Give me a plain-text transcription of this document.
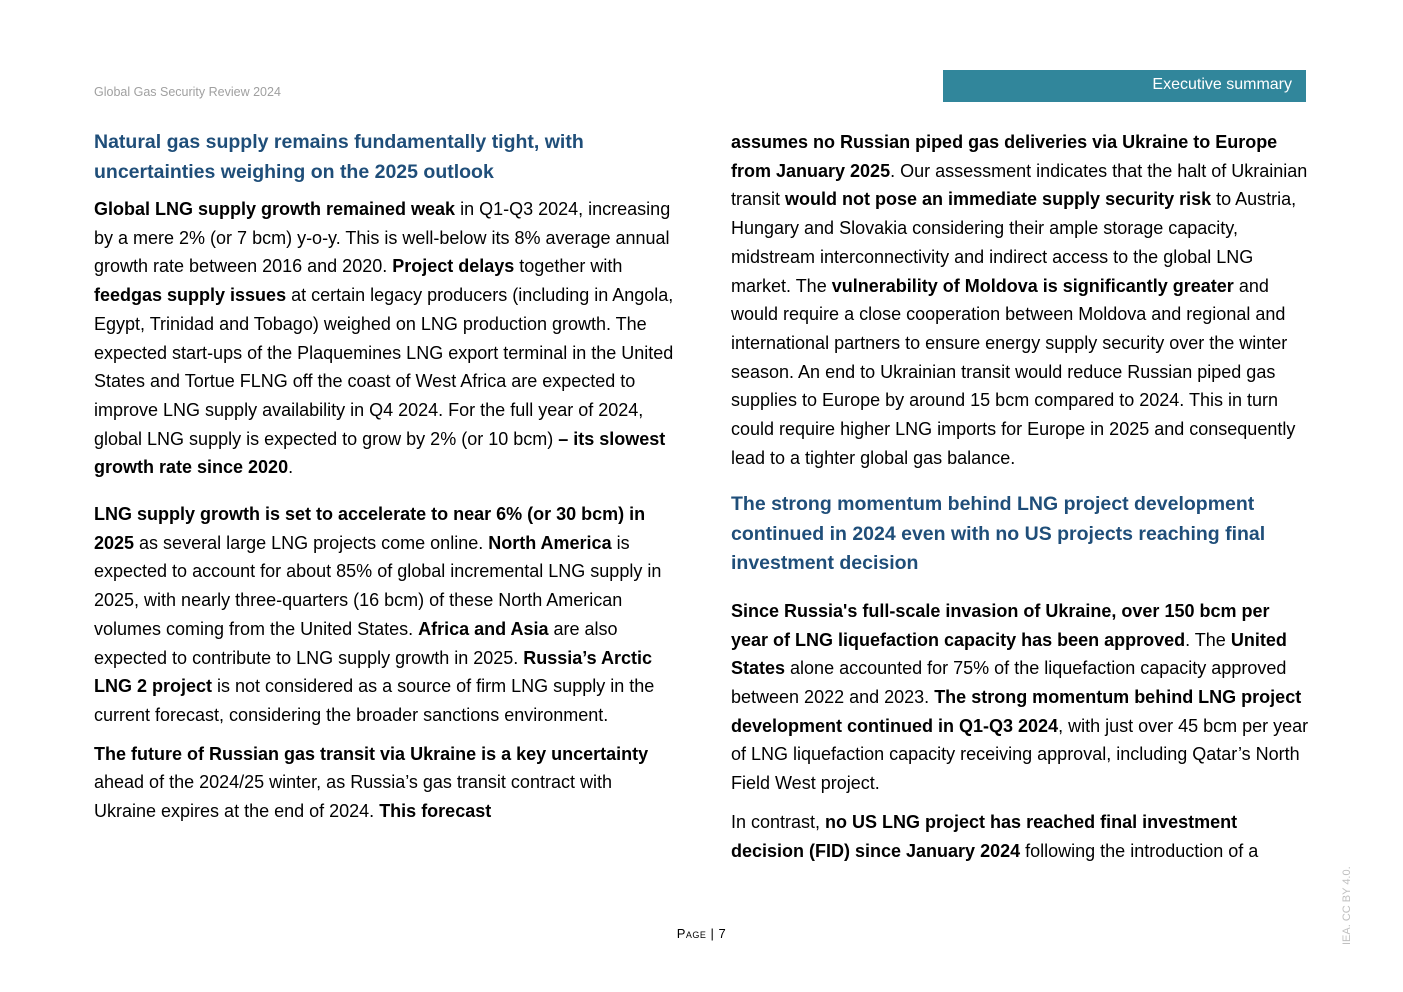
Global Gas Security Review 2024	Executive summary
Natural gas supply remains fundamentally tight, with uncertainties weighing on the 2025 outlook

Global LNG supply growth remained weak in Q1-Q3 2024, increasing by a mere 2% (or 7 bcm) y-o-y. This is well-below its 8% average annual growth rate between 2016 and 2020. Project delays together with feedgas supply issues at certain legacy producers (including in Angola, Egypt, Trinidad and Tobago) weighed on LNG production growth. The expected start-ups of the Plaquemines LNG export terminal in the United States and Tortue FLNG off the coast of West Africa are expected to improve LNG supply availability in Q4 2024. For the full year of 2024, global LNG supply is expected to grow by 2% (or 10 bcm) – its slowest growth rate since 2020.

LNG supply growth is set to accelerate to near 6% (or 30 bcm) in 2025 as several large LNG projects come online. North America is expected to account for about 85% of global incremental LNG supply in 2025, with nearly three-quarters (16 bcm) of these North American volumes coming from the United States. Africa and Asia are also expected to contribute to LNG supply growth in 2025. Russia’s Arctic LNG 2 project is not considered as a source of firm LNG supply in the current forecast, considering the broader sanctions environment.

The future of Russian gas transit via Ukraine is a key uncertainty ahead of the 2024/25 winter, as Russia’s gas transit contract with Ukraine expires at the end of 2024. This forecast

assumes no Russian piped gas deliveries via Ukraine to Europe from January 2025. Our assessment indicates that the halt of Ukrainian transit would not pose an immediate supply security risk to Austria, Hungary and Slovakia considering their ample storage capacity, midstream interconnectivity and indirect access to the global LNG market. The vulnerability of Moldova is significantly greater and would require a close cooperation between Moldova and regional and international partners to ensure energy supply security over the winter season. An end to Ukrainian transit would reduce Russian piped gas supplies to Europe by around 15 bcm compared to 2024. This in turn could require higher LNG imports for Europe in 2025 and consequently lead to a tighter global gas balance.

The strong momentum behind LNG project development continued in 2024 even with no US projects reaching final investment decision

Since Russia's full-scale invasion of Ukraine, over 150 bcm per year of LNG liquefaction capacity has been approved. The United States alone accounted for 75% of the liquefaction capacity approved between 2022 and 2023. The strong momentum behind LNG project development continued in Q1-Q3 2024, with just over 45 bcm per year of LNG liquefaction capacity receiving approval, including Qatar’s North Field West project.

In contrast, no US LNG project has reached final investment decision (FID) since January 2024 following the introduction of a

Page | 7	IEA. CC BY 4.0.
